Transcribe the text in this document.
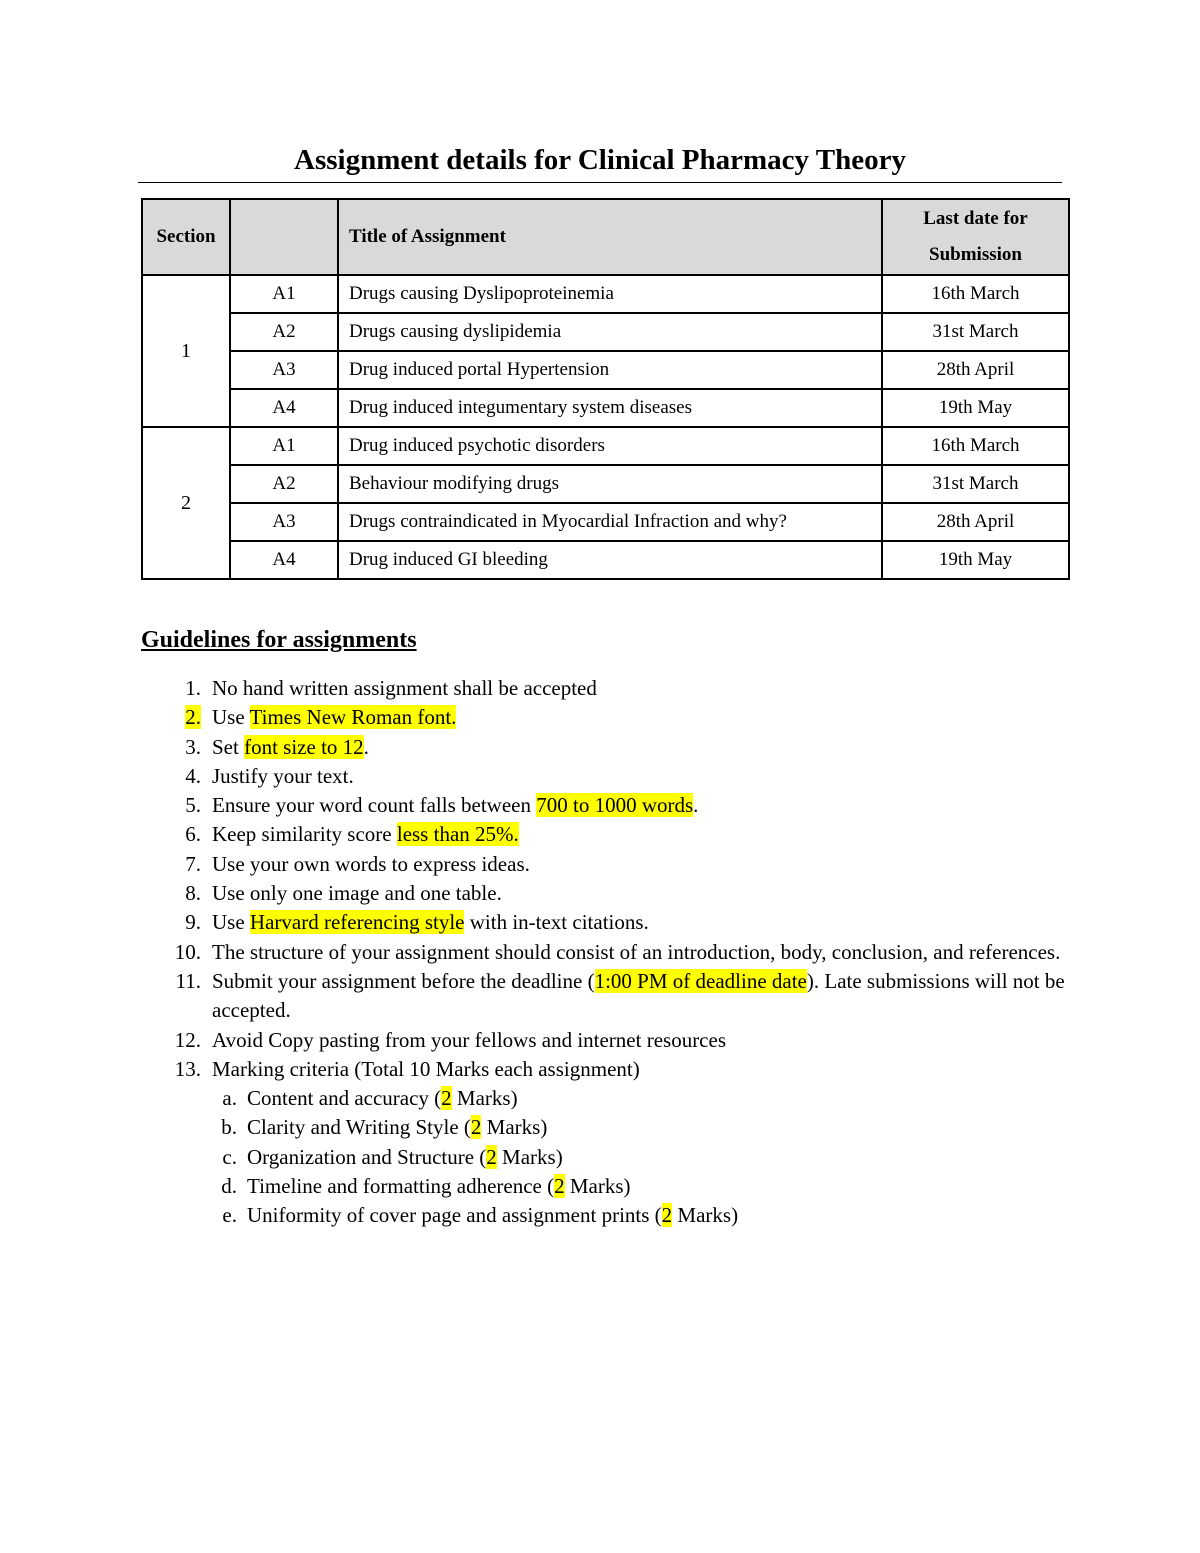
Assignment details for Clinical Pharmacy Theory
Section		Title of Assignment	Last date for
Submission
1	A1	Drugs causing Dyslipoproteinemia	16th March
	A2	Drugs causing dyslipidemia	31st March
	A3	Drug induced portal Hypertension	28th April
	A4	Drug induced integumentary system diseases	19th May
2	A1	Drug induced psychotic disorders	16th March
	A2	Behaviour modifying drugs	31st March
	A3	Drugs contraindicated in Myocardial Infraction and why?	28th April
	A4	Drug induced GI bleeding	19th May
Guidelines for assignments
1. No hand written assignment shall be accepted
2. Use Times New Roman font.
3. Set font size to 12.
4. Justify your text.
5. Ensure your word count falls between 700 to 1000 words.
6. Keep similarity score less than 25%.
7. Use your own words to express ideas.
8. Use only one image and one table.
9. Use Harvard referencing style with in-text citations.
10. The structure of your assignment should consist of an introduction, body, conclusion, and references.
11. Submit your assignment before the deadline (1:00 PM of deadline date). Late submissions will not be accepted.
12. Avoid Copy pasting from your fellows and internet resources
13. Marking criteria (Total 10 Marks each assignment)
a. Content and accuracy (2 Marks)
b. Clarity and Writing Style (2 Marks)
c. Organization and Structure (2 Marks)
d. Timeline and formatting adherence (2 Marks)
e. Uniformity of cover page and assignment prints (2 Marks)
